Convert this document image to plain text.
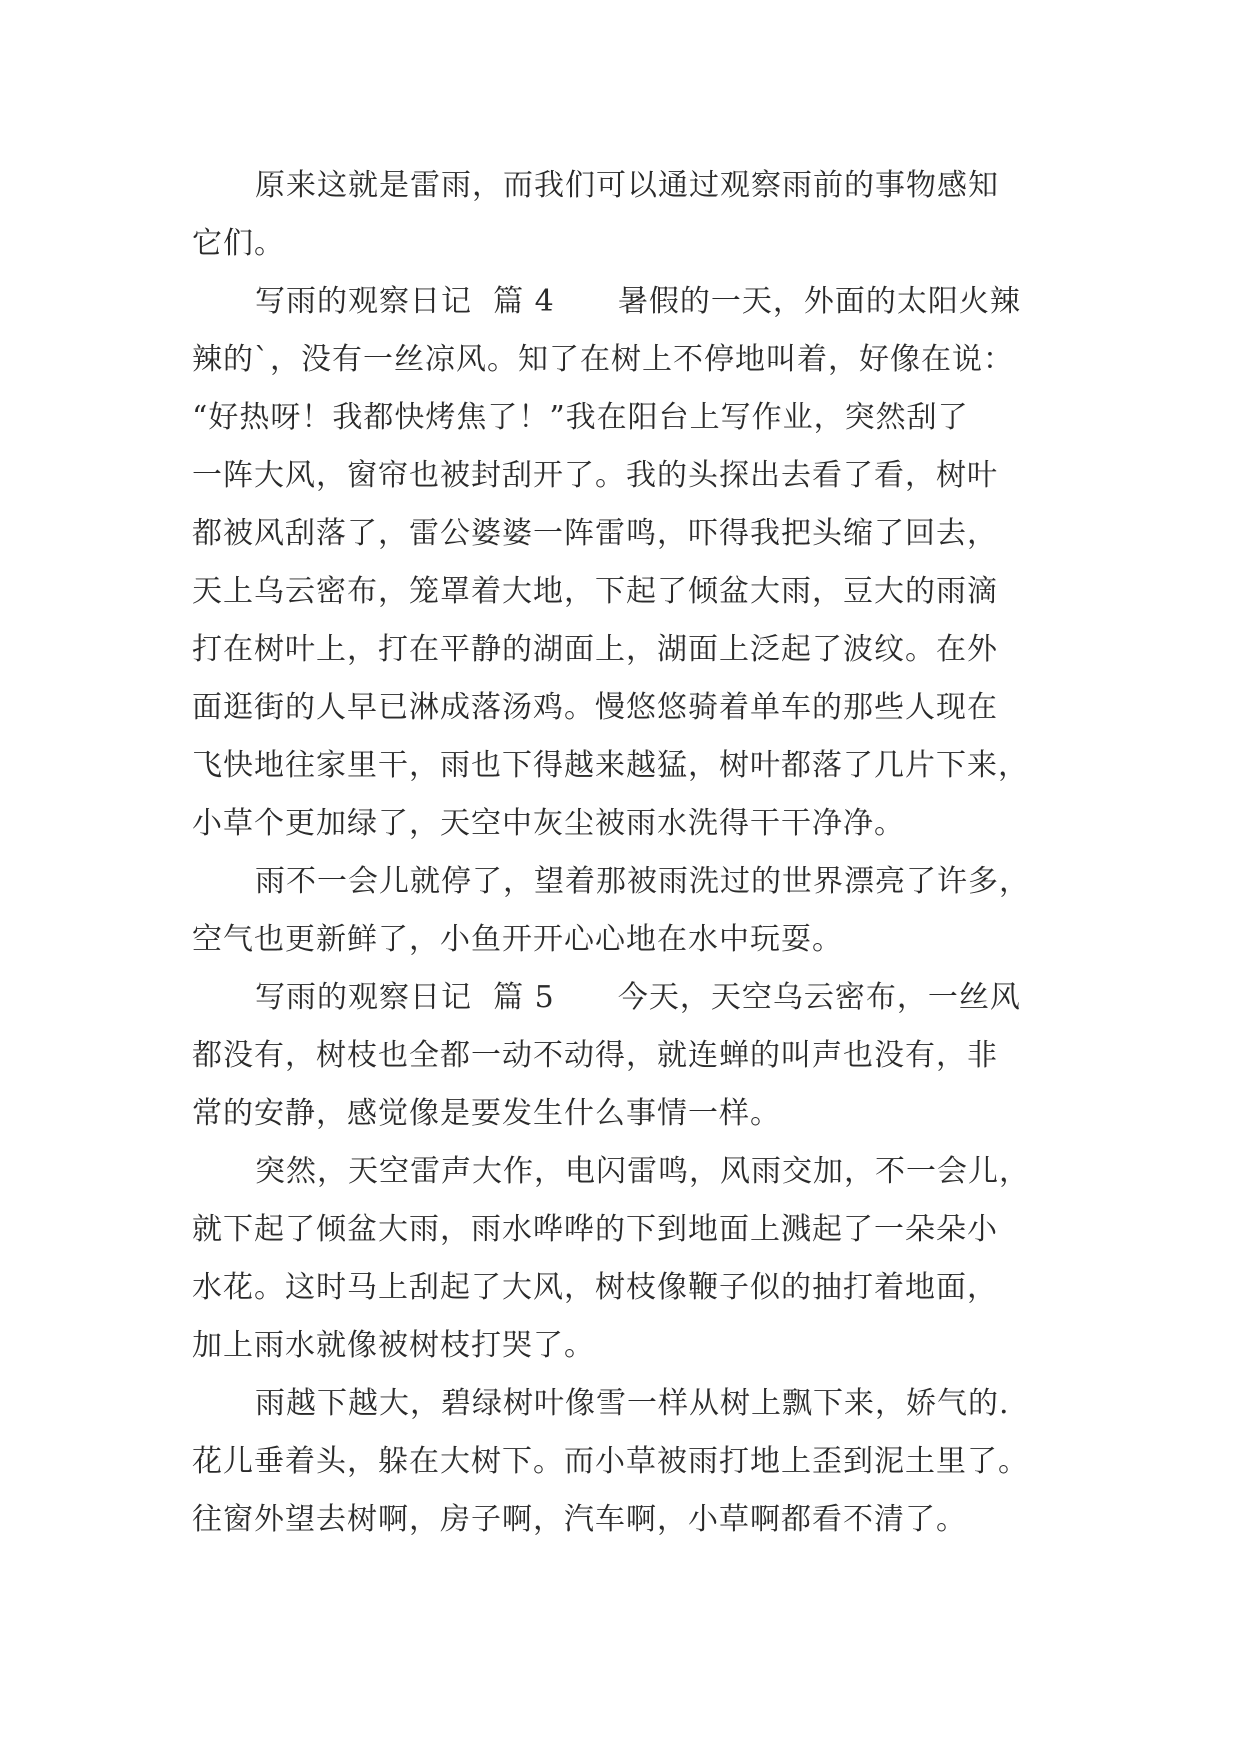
原来这就是雷雨，而我们可以通过观察雨前的事物感知
它们。
写雨的观察日记  篇 4      暑假的一天，外面的太阳火辣
辣的`，没有一丝凉风。知了在树上不停地叫着，好像在说：
“好热呀！我都快烤焦了！”我在阳台上写作业，突然刮了
一阵大风，窗帘也被封刮开了。我的头探出去看了看，树叶
都被风刮落了，雷公婆婆一阵雷鸣，吓得我把头缩了回去，
天上乌云密布，笼罩着大地，下起了倾盆大雨，豆大的雨滴
打在树叶上，打在平静的湖面上，湖面上泛起了波纹。在外
面逛街的人早已淋成落汤鸡。慢悠悠骑着单车的那些人现在
飞快地往家里干，雨也下得越来越猛，树叶都落了几片下来，
小草个更加绿了，天空中灰尘被雨水洗得干干净净。
雨不一会儿就停了，望着那被雨洗过的世界漂亮了许多，
空气也更新鲜了，小鱼开开心心地在水中玩耍。
写雨的观察日记  篇 5      今天，天空乌云密布，一丝风
都没有，树枝也全都一动不动得，就连蝉的叫声也没有，非
常的安静，感觉像是要发生什么事情一样。
突然，天空雷声大作，电闪雷鸣，风雨交加，不一会儿，
就下起了倾盆大雨，雨水哗哗的下到地面上溅起了一朵朵小
水花。这时马上刮起了大风，树枝像鞭子似的抽打着地面，
加上雨水就像被树枝打哭了。
雨越下越大，碧绿树叶像雪一样从树上飘下来，娇气的.
花儿垂着头，躲在大树下。而小草被雨打地上歪到泥土里了。
往窗外望去树啊，房子啊，汽车啊，小草啊都看不清了。
